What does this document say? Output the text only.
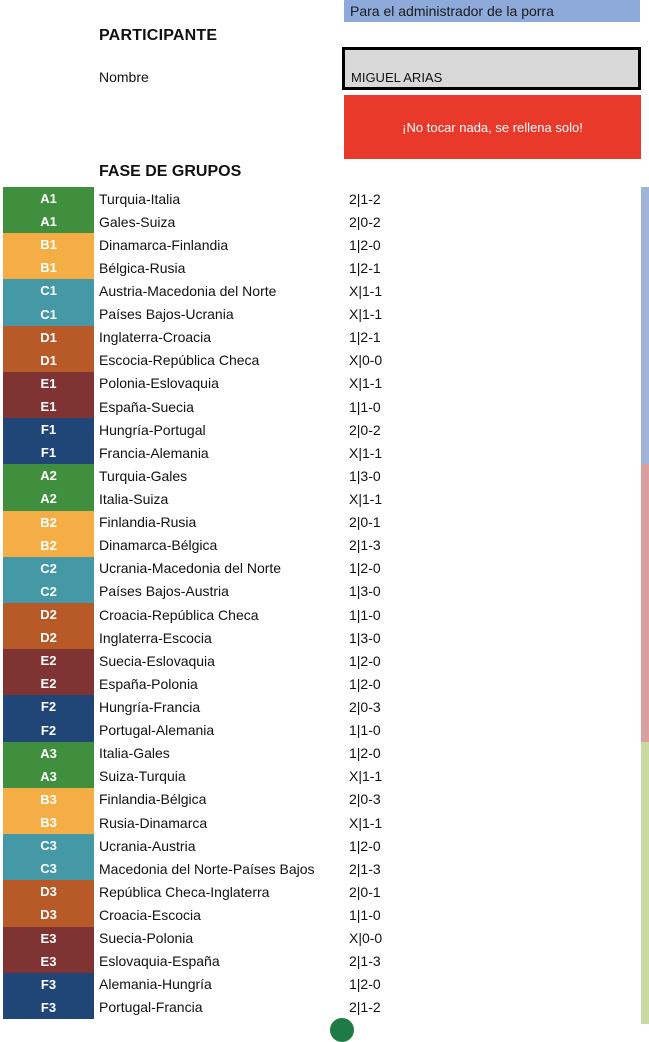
Para el administrador de la porra
PARTICIPANTE
Nombre	MIGUEL ARIAS
¡No tocar nada, se rellena solo!
FASE DE GRUPOS
A1	Turquia-Italia	2|1-2
A1	Gales-Suiza	2|0-2
B1	Dinamarca-Finlandia	1|2-0
B1	Bélgica-Rusia	1|2-1
C1	Austria-Macedonia del Norte	X|1-1
C1	Países Bajos-Ucrania	X|1-1
D1	Inglaterra-Croacia	1|2-1
D1	Escocia-República Checa	X|0-0
E1	Polonia-Eslovaquia	X|1-1
E1	España-Suecia	1|1-0
F1	Hungría-Portugal	2|0-2
F1	Francia-Alemania	X|1-1
A2	Turquia-Gales	1|3-0
A2	Italia-Suiza	X|1-1
B2	Finlandia-Rusia	2|0-1
B2	Dinamarca-Bélgica	2|1-3
C2	Ucrania-Macedonia del Norte	1|2-0
C2	Países Bajos-Austria	1|3-0
D2	Croacia-República Checa	1|1-0
D2	Inglaterra-Escocia	1|3-0
E2	Suecia-Eslovaquia	1|2-0
E2	España-Polonia	1|2-0
F2	Hungría-Francia	2|0-3
F2	Portugal-Alemania	1|1-0
A3	Italia-Gales	1|2-0
A3	Suiza-Turquia	X|1-1
B3	Finlandia-Bélgica	2|0-3
B3	Rusia-Dinamarca	X|1-1
C3	Ucrania-Austria	1|2-0
C3	Macedonia del Norte-Países Bajos 2|1-3
D3	República Checa-Inglaterra	2|0-1
D3	Croacia-Escocia	1|1-0
E3	Suecia-Polonia	X|0-0
E3	Eslovaquia-España	2|1-3
F3	Alemania-Hungría	1|2-0
F3	Portugal-Francia	2|1-2
